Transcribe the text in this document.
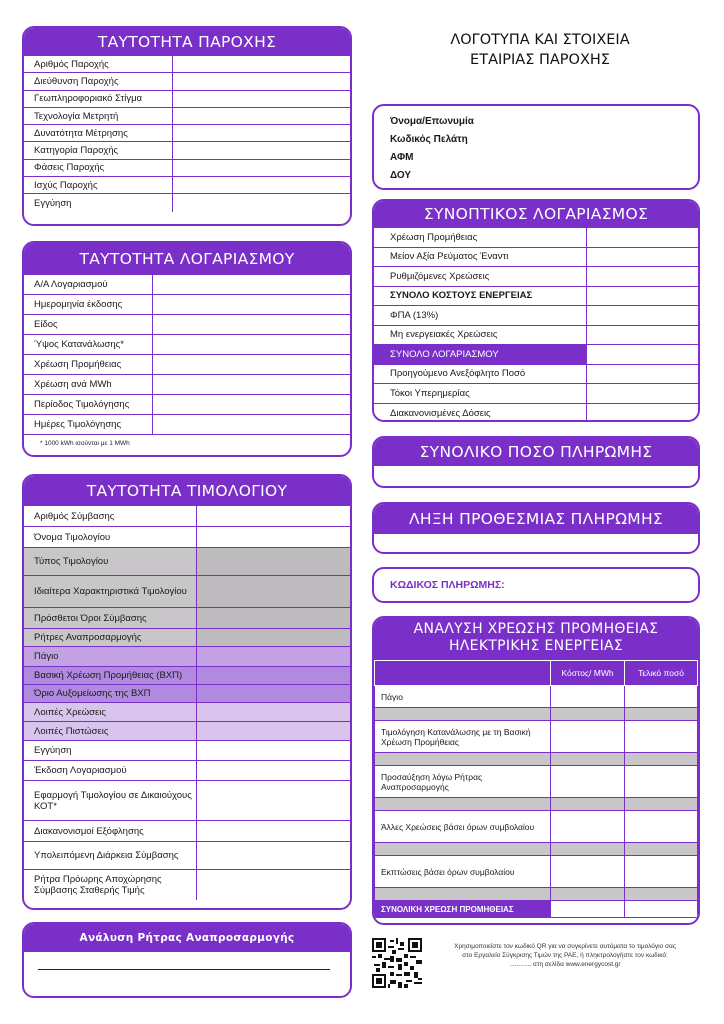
ΤΑΥΤΟΤΗΤΑ ΠΑΡΟΧΗΣ
Αριθμός Παροχής
Διεύθυνση Παροχής
Γεωπληροφοριακό Στίγμα
Τεχνολογία Μετρητή
Δυνατότητα Μέτρησης
Κατηγορία Παροχής
Φάσεις Παροχής
Ισχύς Παροχής
Εγγύηση
ΤΑΥΤΟΤΗΤΑ ΛΟΓΑΡΙΑΣΜΟΥ
Α/Α Λογαριασμού
Ημερομηνία έκδοσης
Είδος
Ύψος Κατανάλωσης*
Χρέωση Προμήθειας
Χρέωση ανά MWh
Περίοδος Τιμολόγησης
Ημέρες Τιμολόγησης
* 1000 kWh ισούνται με 1 MWh
ΤΑΥΤΟΤΗΤΑ ΤΙΜΟΛΟΓΙΟΥ
Αριθμός Σύμβασης
Όνομα Τιμολογίου
Τύπος Τιμολογίου
Ιδιαίτερα Χαρακτηριστικά Τιμολογίου
Πρόσθετοι Όροι Σύμβασης
Ρήτρες Αναπροσαρμογής
Πάγιο
Βασική Χρέωση Προμήθειας (ΒΧΠ)
Όριο Αυξομείωσης της ΒΧΠ
Λοιπές Χρεώσεις
Λοιπές Πιστώσεις
Εγγύηση
Έκδοση Λογαριασμού
Εφαρμογή Τιμολογίου σε Δικαιούχους ΚΟΤ*
Διακανονισμοί Εξόφλησης
Υπολειπόμενη Διάρκεια Σύμβασης
Ρήτρα Πρόωρης Αποχώρησης Σύμβασης Σταθερής Τιμής
Ανάλυση Ρήτρας Αναπροσαρμογής
ΛΟΓΟΤΥΠΑ ΚΑΙ ΣΤΟΙΧΕΙΑ
ΕΤΑΙΡΙΑΣ ΠΑΡΟΧΗΣ
Όνομα/Επωνυμία
Κωδικός Πελάτη
ΑΦΜ
ΔΟΥ
ΣΥΝΟΠΤΙΚΟΣ ΛΟΓΑΡΙΑΣΜΟΣ
Χρέωση Προμήθειας
Μείον Αξία Ρεύματος Έναντι
Ρυθμιζόμενες Χρεώσεις
ΣΥΝΟΛΟ ΚΟΣΤΟΥΣ ΕΝΕΡΓΕΙΑΣ
ΦΠΑ (13%)
Μη ενεργειακές Χρεώσεις
ΣΥΝΟΛΟ ΛΟΓΑΡΙΑΣΜΟΥ
Προηγούμενο Ανεξόφλητο Ποσό
Τόκοι Υπερημερίας
Διακανονισμένες Δόσεις
ΣΥΝΟΛΙΚΟ ΠΟΣΟ ΠΛΗΡΩΜΗΣ
ΛΗΞΗ ΠΡΟΘΕΣΜΙΑΣ ΠΛΗΡΩΜΗΣ
ΚΩΔΙΚΟΣ ΠΛΗΡΩΜΗΣ:
ΑΝΑΛΥΣΗ ΧΡΕΩΣΗΣ ΠΡΟΜΗΘΕΙΑΣ
ΗΛΕΚΤΡΙΚΗΣ ΕΝΕΡΓΕΙΑΣ
	Κόστος/ MWh	Τελικό ποσό
Πάγιο		

Τιμολόγηση Κατανάλωσης με τη Βασική Χρέωση Προμήθειας		

Προσαύξηση λόγω Ρήτρας Αναπροσαρμογής		

Άλλες Χρεώσεις βάσει όρων συμβολαίου		

Εκπτώσεις βάσει όρων συμβολαίου		

ΣΥΝΟΛΙΚΗ ΧΡΕΩΣΗ ΠΡΟΜΗΘΕΙΑΣ		
Χρησιμοποιείστε τον κωδικό QR για να συγκρίνετε αυτόματα το τιμολόγιο σας
στο Εργαλείο Σύγκρισης Τιμών της ΡΑΕ, ή πληκτρολογήστε τον κωδικό:
............ στη σελίδα www.energycost.gr
